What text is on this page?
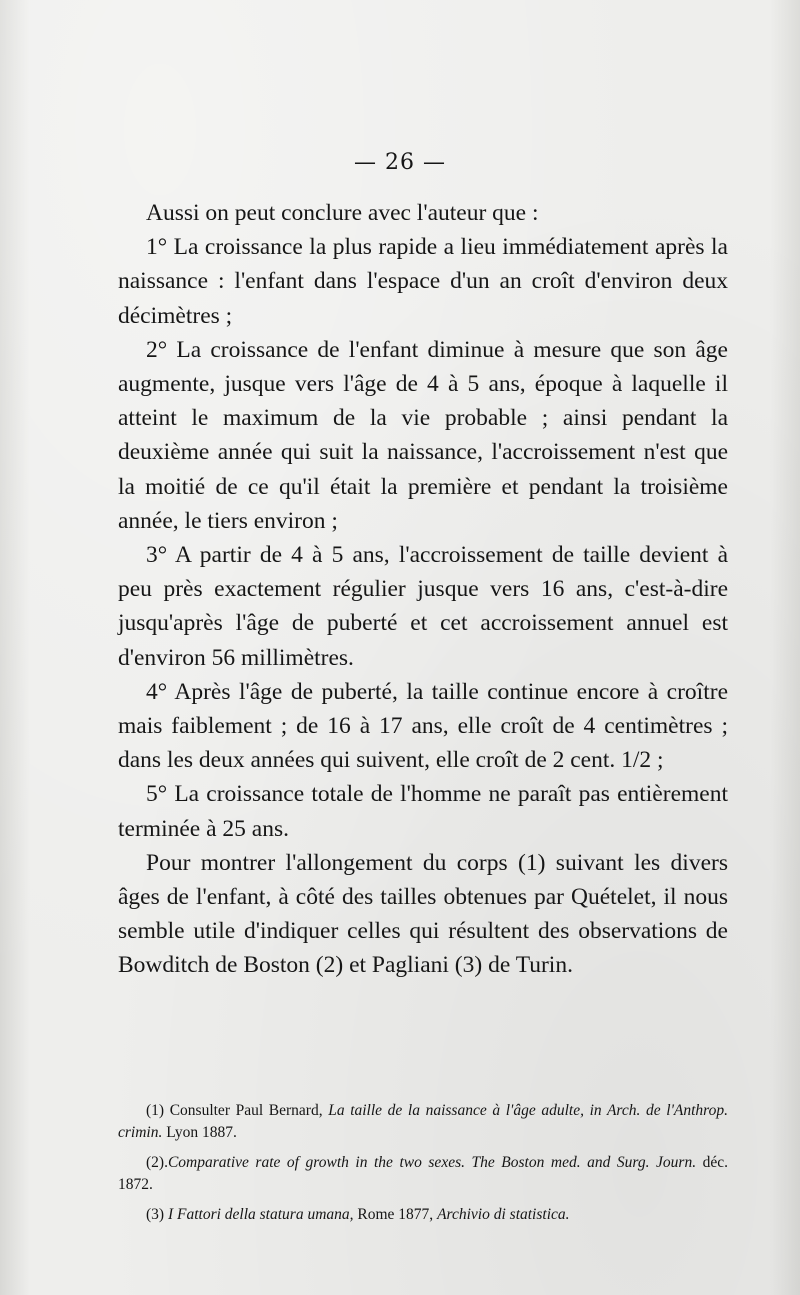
— 26 —

Aussi on peut conclure avec l'auteur que :

1° La croissance la plus rapide a lieu immédiatement après la naissance : l'enfant dans l'espace d'un an croît d'environ deux décimètres ;

2° La croissance de l'enfant diminue à mesure que son âge augmente, jusque vers l'âge de 4 à 5 ans, époque à laquelle il atteint le maximum de la vie probable ; ainsi pendant la deuxième année qui suit la naissance, l'accroissement n'est que la moitié de ce qu'il était la première et pendant la troisième année, le tiers environ ;

3° A partir de 4 à 5 ans, l'accroissement de taille devient à peu près exactement régulier jusque vers 16 ans, c'est-à-dire jusqu'après l'âge de puberté et cet accroissement annuel est d'environ 56 millimètres.

4° Après l'âge de puberté, la taille continue encore à croître mais faiblement ; de 16 à 17 ans, elle croît de 4 centimètres ; dans les deux années qui suivent, elle croît de 2 cent. 1/2 ;

5° La croissance totale de l'homme ne paraît pas entièrement terminée à 25 ans.

Pour montrer l'allongement du corps (1) suivant les divers âges de l'enfant, à côté des tailles obtenues par Quételet, il nous semble utile d'indiquer celles qui résultent des observations de Bowditch de Boston (2) et Pagliani (3) de Turin.

(1) Consulter Paul Bernard, La taille de la naissance à l'âge adulte, in Arch. de l'Anthrop. crimin. Lyon 1887.

(2).Comparative rate of growth in the two sexes. The Boston med. and Surg. Journ. déc. 1872.

(3) I Fattori della statura umana, Rome 1877, Archivio di statistica.
